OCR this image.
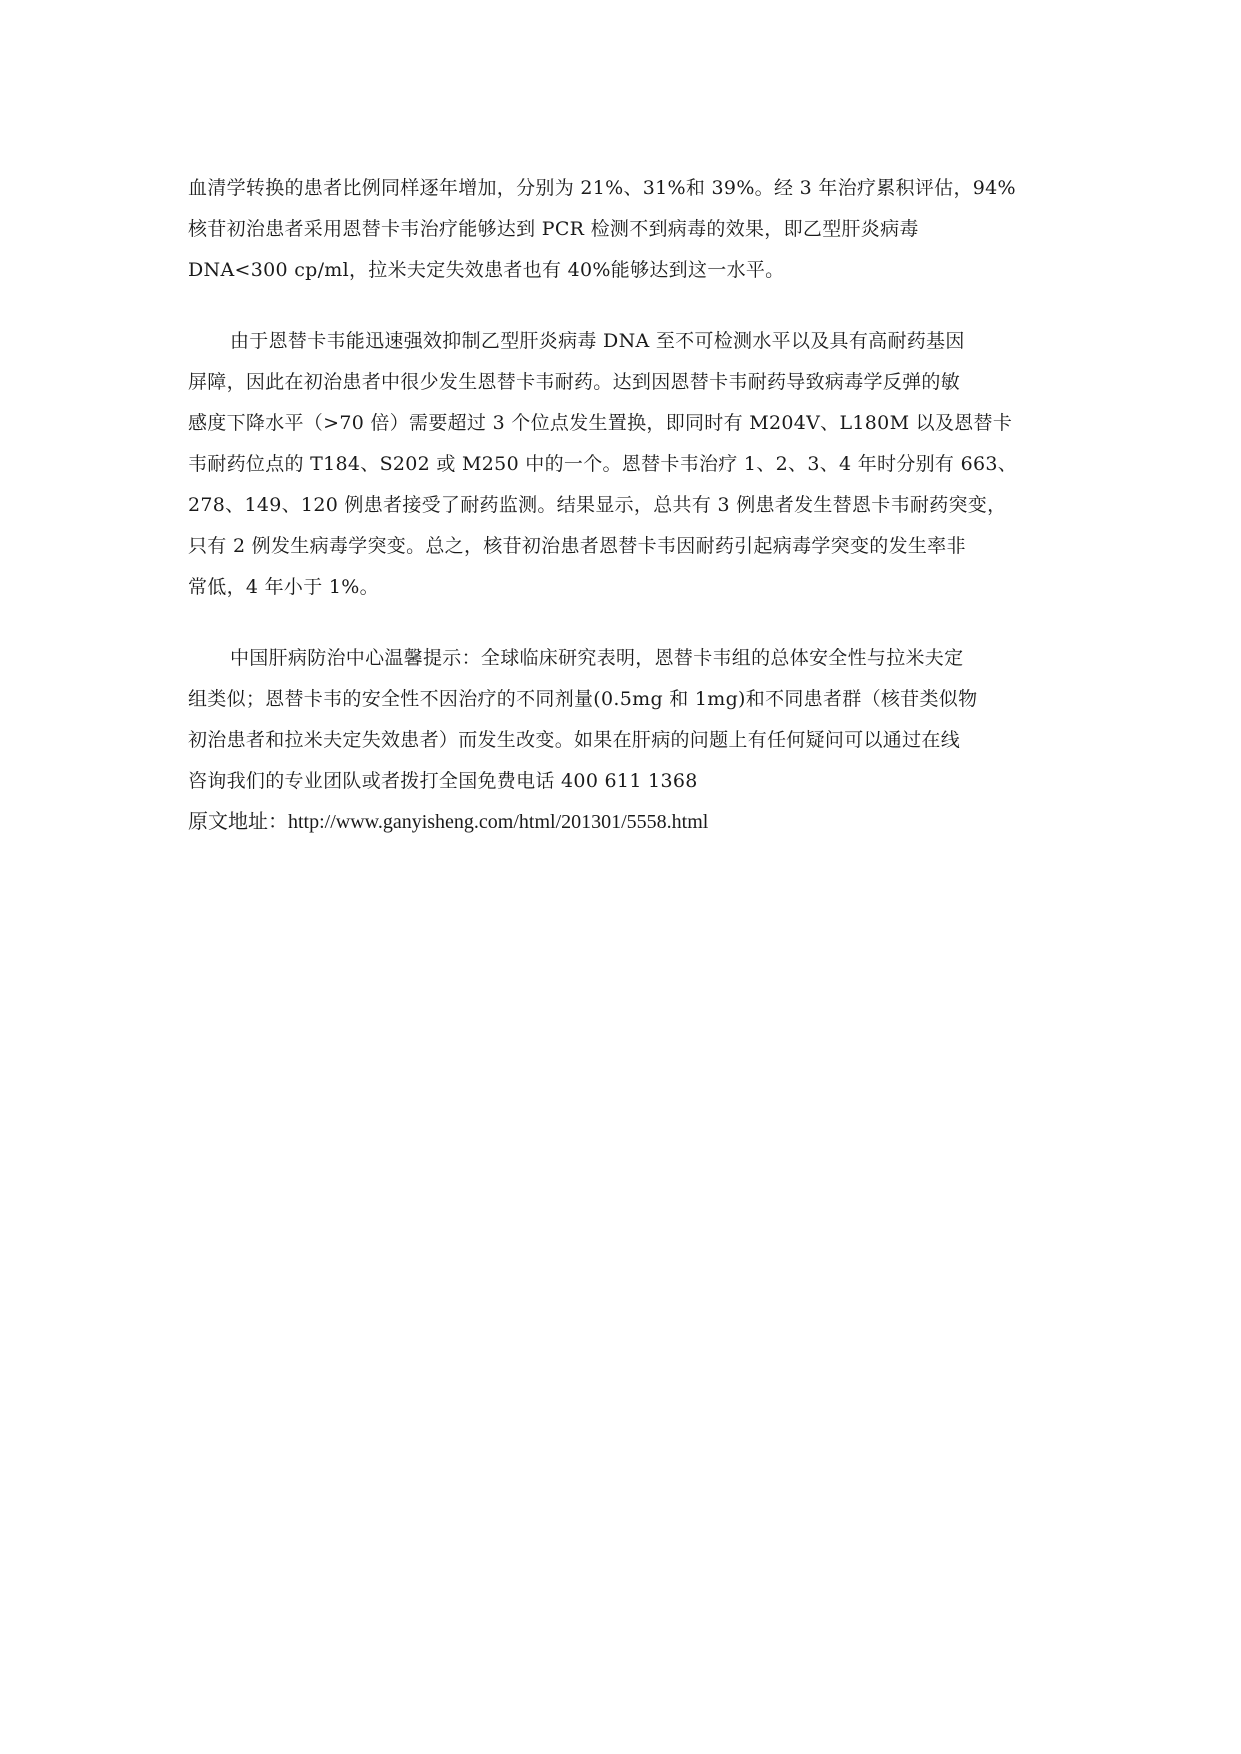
血清学转换的患者比例同样逐年增加，分别为 21%、31%和 39%。经 3 年治疗累积评估，94%
核苷初治患者采用恩替卡韦治疗能够达到 PCR 检测不到病毒的效果，即乙型肝炎病毒
DNA<300 cp/ml，拉米夫定失效患者也有 40%能够达到这一水平。
由于恩替卡韦能迅速强效抑制乙型肝炎病毒 DNA 至不可检测水平以及具有高耐药基因
屏障，因此在初治患者中很少发生恩替卡韦耐药。达到因恩替卡韦耐药导致病毒学反弹的敏
感度下降水平（>70 倍）需要超过 3 个位点发生置换，即同时有 M204V、L180M 以及恩替卡
韦耐药位点的 T184、S202 或 M250 中的一个。恩替卡韦治疗 1、2、3、4 年时分别有 663、
278、149、120 例患者接受了耐药监测。结果显示，总共有 3 例患者发生替恩卡韦耐药突变，
只有 2 例发生病毒学突变。总之，核苷初治患者恩替卡韦因耐药引起病毒学突变的发生率非
常低，4 年小于 1%。
中国肝病防治中心温馨提示：全球临床研究表明，恩替卡韦组的总体安全性与拉米夫定
组类似；恩替卡韦的安全性不因治疗的不同剂量(0.5mg 和 1mg)和不同患者群（核苷类似物
初治患者和拉米夫定失效患者）而发生改变。如果在肝病的问题上有任何疑问可以通过在线
咨询我们的专业团队或者拨打全国免费电话 400 611 1368
原文地址：http://www.ganyisheng.com/html/201301/5558.html
